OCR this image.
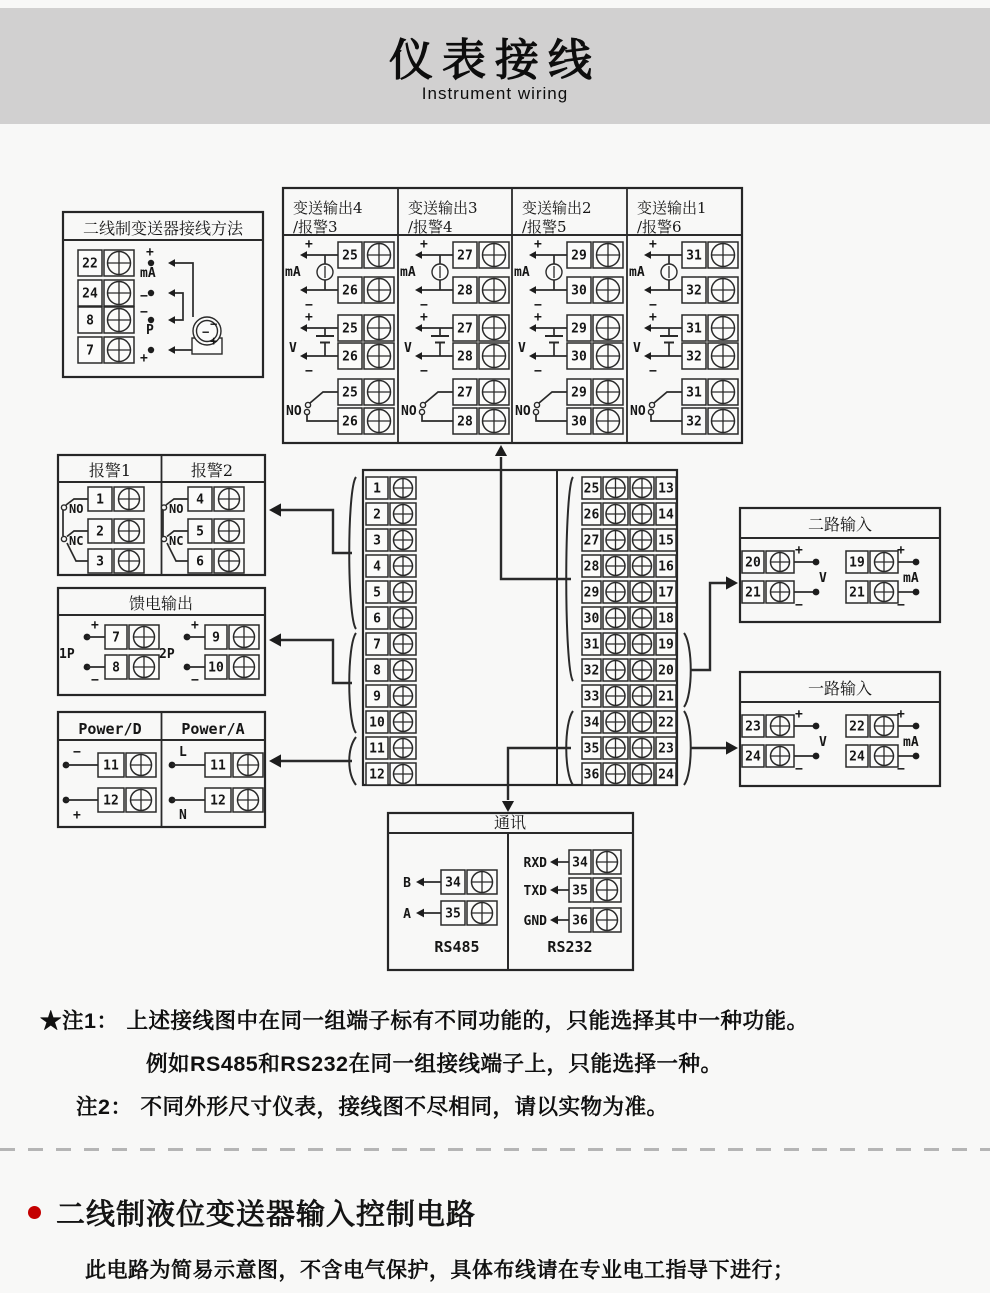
仪表接线
Instrument wiring
二线制变送器接线方法
22
24
8
7
+
mA
−
−
P
+
−
−
+
变送输出4
/报警3
25
26
+
−
mA
25
26
+
−
V
25
26
NO
变送输出3
/报警4
27
28
+
−
mA
27
28
+
−
V
27
28
NO
变送输出2
/报警5
29
30
+
−
mA
29
30
+
−
V
29
30
NO
变送输出1
/报警6
31
32
+
−
mA
31
32
+
−
V
31
32
NO
报警1	报警2
1
2
3
NO
NC
4
5
6
NO
NC
馈电输出
1P
+
−
7
8
2P
+
−
9
10
Power/D	Power/A
−
+
11
12
L
N
11
12
1	25	13
2	26	14
3	27	15
4	28	16
5	29	17
6	30	18
7	31	19
8	32	20
9	33	21
10	34	22
11	35	23
12	36	24
二路输入
20
21
+
V
−
19
21
+
mA
−
一路输入
23
24
+
V
−
22
24
+
mA
−
通讯
B	34
A	35
RS485
RXD 34
TXD 35
GND 36
RS232
★注1： 上述接线图中在同一组端子标有不同功能的，只能选择其中一种功能。
例如RS485和RS232在同一组接线端子上，只能选择一种。
注2： 不同外形尺寸仪表，接线图不尽相同，请以实物为准。
二线制液位变送器输入控制电路
此电路为简易示意图，不含电气保护，具体布线请在专业电工指导下进行；
